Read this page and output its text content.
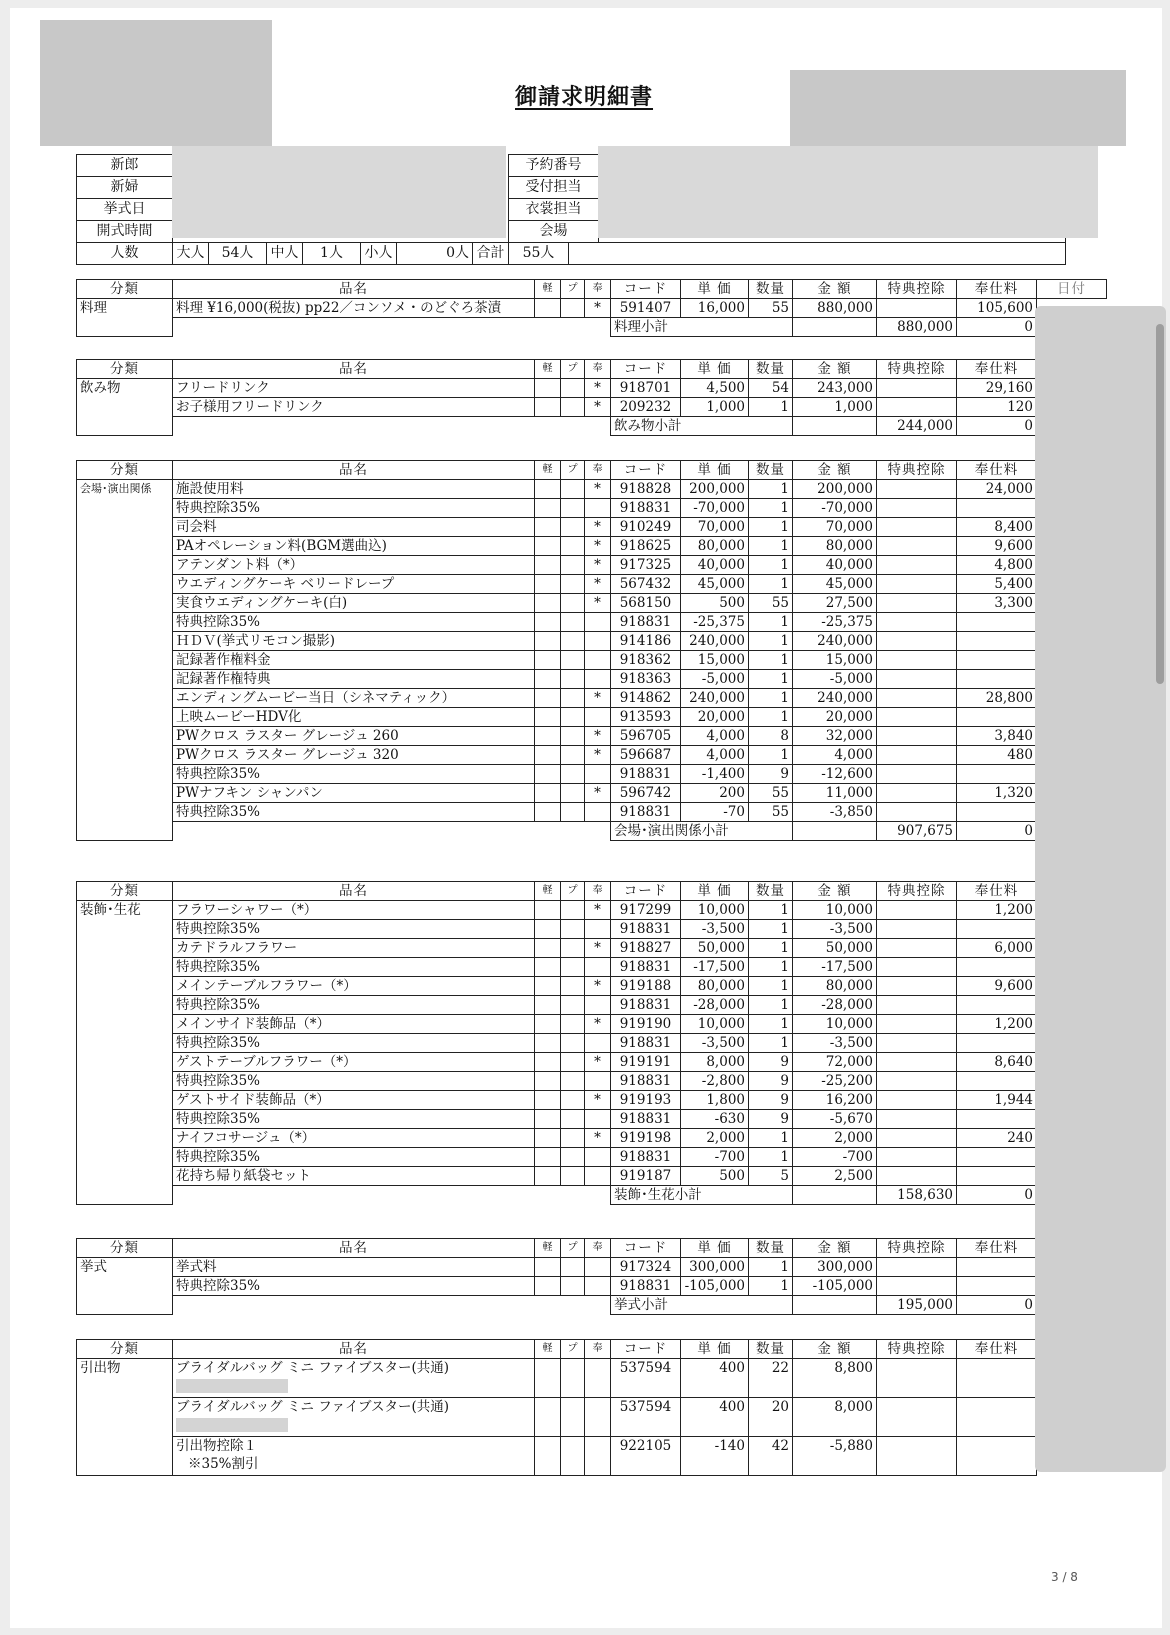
御請求明細書
新郎		予約番号	
新婦		受付担当	
挙式日		衣裳担当	
開式時間		会場	
人数	大人	54人	中人	1人	小人	0人	合計	55人	
分類	品名	軽	プ	奉	コード	単 価	数量	金 額	特典控除	奉仕料	日付	
料理	料理 ¥16,000(税抜) pp22／コンソメ・のどぐろ茶漬			*	591407	16,000	55	880,000		105,600		
					料理小計				880,000	0		
分類	品名	軽	プ	奉	コード	単 価	数量	金 額	特典控除	奉仕料		
飲み物	フリードリンク			*	918701	4,500	54	243,000		29,160		
	お子様用フリードリンク			*	209232	1,000	1	1,000		120		
					飲み物小計				244,000	0		
分類	品名	軽	プ	奉	コード	単 価	数量	金 額	特典控除	奉仕料		
会場･演出関係	施設使用料			*	918828	200,000	1	200,000		24,000		
	特典控除35%				918831	-70,000	1	-70,000				
	司会料			*	910249	70,000	1	70,000		8,400		
	PAオペレーション料(BGM選曲込)			*	918625	80,000	1	80,000		9,600		
	アテンダント料（*）			*	917325	40,000	1	40,000		4,800		
	ウエディングケーキ ベリードレープ			*	567432	45,000	1	45,000		5,400		
	実食ウエディングケーキ(白)			*	568150	500	55	27,500		3,300		
	特典控除35%				918831	-25,375	1	-25,375				
	ＨＤＶ(挙式リモコン撮影)				914186	240,000	1	240,000				
	記録著作権料金				918362	15,000	1	15,000				
	記録著作権特典				918363	-5,000	1	-5,000				
	エンディングムービー当日（シネマティック）			*	914862	240,000	1	240,000		28,800		
	上映ムービーHDV化				913593	20,000	1	20,000				
	PWクロス ラスター グレージュ 260			*	596705	4,000	8	32,000		3,840		
	PWクロス ラスター グレージュ 320			*	596687	4,000	1	4,000		480		
	特典控除35%				918831	-1,400	9	-12,600				
	PWナフキン シャンパン			*	596742	200	55	11,000		1,320		
	特典控除35%				918831	-70	55	-3,850				
					会場･演出関係小計				907,675	0		
分類	品名	軽	プ	奉	コード	単 価	数量	金 額	特典控除	奉仕料		
装飾･生花	フラワーシャワー（*）			*	917299	10,000	1	10,000		1,200		
	特典控除35%				918831	-3,500	1	-3,500				
	カテドラルフラワー			*	918827	50,000	1	50,000		6,000		
	特典控除35%				918831	-17,500	1	-17,500				
	メインテーブルフラワー（*）			*	919188	80,000	1	80,000		9,600		
	特典控除35%				918831	-28,000	1	-28,000				
	メインサイド装飾品（*）			*	919190	10,000	1	10,000		1,200		
	特典控除35%				918831	-3,500	1	-3,500				
	ゲストテーブルフラワー（*）			*	919191	8,000	9	72,000		8,640		
	特典控除35%				918831	-2,800	9	-25,200				
	ゲストサイド装飾品（*）			*	919193	1,800	9	16,200		1,944		
	特典控除35%				918831	-630	9	-5,670				
	ナイフコサージュ（*）			*	919198	2,000	1	2,000		240		
	特典控除35%				918831	-700	1	-700				
	花持ち帰り紙袋セット				919187	500	5	2,500				
					装飾･生花小計				158,630	0		
分類	品名	軽	プ	奉	コード	単 価	数量	金 額	特典控除	奉仕料		
挙式	挙式料				917324	300,000	1	300,000				
	特典控除35%				918831	-105,000	1	-105,000				
					挙式小計				195,000	0		
分類	品名	軽	プ	奉	コード	単 価	数量	金 額	特典控除	奉仕料	
引出物	ブライダルバッグ ミニ ファイブスター(共通)				537594	400	22	8,800			
	ブライダルバッグ ミニ ファイブスター(共通)				537594	400	20	8,000			
	引出物控除１
※35%割引				922105	-140	42	-5,880			
3 / 8
